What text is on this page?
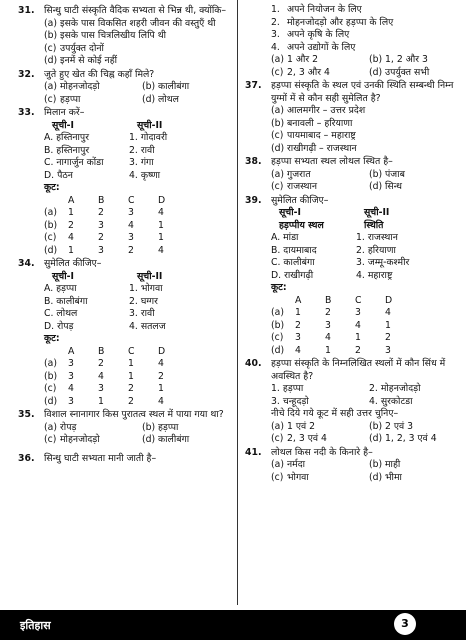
31.	सिन्धु घाटी संस्कृति वैदिक सभ्यता से भिन्न थी, क्योंकि–
(a) इसके पास विकसित शहरी जीवन की वस्तुएँ थी
(b) इसके पास चित्रलिखीय लिपि थी
(c) उपर्युक्त दोनों
(d) इनमें से कोई नहीं
32.	जुते हुए खेत की चिह्न कहाँ मिले?
(a) मोहनजोदड़ो	(b) कालीबंगा
(c) हड़प्पा	(d) लोथल
33.	मिलान करें–
सूची-I	सूची-II
A. हस्तिनापुर	1. गोदावरी
B. हस्तिनापुर	2. रावी
C. नागार्जुन कोंडा	3. गंगा
D. पैठन	4. कृष्णा
कूट:
A	B	C	D
(a)	1	2	3	4
(b)	2	3	4	1
(c)	4	2	3	1
(d)	1	3	2	4
34.	सुमेलित कीजिए–
सूची-I	सूची-II
A. हड़प्पा	1. भोगवा
B. कालीबंगा	2. घग्गर
C. लोथल	3. रावी
D. रोपड़	4. सतलज
कूट:
A	B	C	D
(a)	3	2	1	4
(b)	3	4	1	2
(c)	4	3	2	1
(d)	3	1	2	4
35.	विशाल स्नानागार किस पुरातत्व स्थल में पाया गया था?
(a) रोपड़	(b) हड़प्पा
(c) मोहनजोदड़ो	(d) कालीबंगा
36.	सिन्धु घाटी सभ्यता मानी जाती है–
1. अपने नियोजन के लिए
2. मोहनजोदड़ो और हड़प्पा के लिए
3. अपने कृषि के लिए
4. अपने उद्योगों के लिए
(a) 1 और 2	(b) 1, 2 और 3
(c) 2, 3 और 4	(d) उपर्युक्त सभी
37.	हड़प्पा संस्कृति के स्थल एवं उनकी स्थिति सम्बन्धी निम्न युग्मों में से कौन सही सुमेलित है?
(a) आलमगीर – उत्तर प्रदेश
(b) बनावली – हरियाणा
(c) पायमाबाद – महाराष्ट्र
(d) राखीगढ़ी – राजस्थान
38.	हड़प्पा सभ्यता स्थल लोथल स्थित है–
(a) गुजरात	(b) पंजाब
(c) राजस्थान	(d) सिन्ध
39.	सुमेलित कीजिए–
सूची-I	सूची-II
हड़प्पीय स्थल	स्थिति
A. मांडा	1. राजस्थान
B. दायमाबाद	2. हरियाणा
C. कालीबंगा	3. जम्मू-कश्मीर
D. राखीगढ़ी	4. महाराष्ट्र
कूट:
A	B	C	D
(a)	1	2	3	4
(b)	2	3	4	1
(c)	3	4	1	2
(d)	4	1	2	3
40.	हड़प्पा संस्कृति के निम्नलिखित स्थलों में कौन सिंध में अवस्थित है?
1. हड़प्पा	2. मोहनजोदड़ो
3. चन्हूदड़ो	4. सुरकोटडा
नीचे दिये गये कूट में सही उत्तर चुनिए–
(a) 1 एवं 2	(b) 2 एवं 3
(c) 2, 3 एवं 4	(d) 1, 2, 3 एवं 4
41.	लोथल किस नदी के किनारे है–
(a) नर्मदा	(b) माही
(c) भोगवा	(d) भीमा
इतिहास	3
